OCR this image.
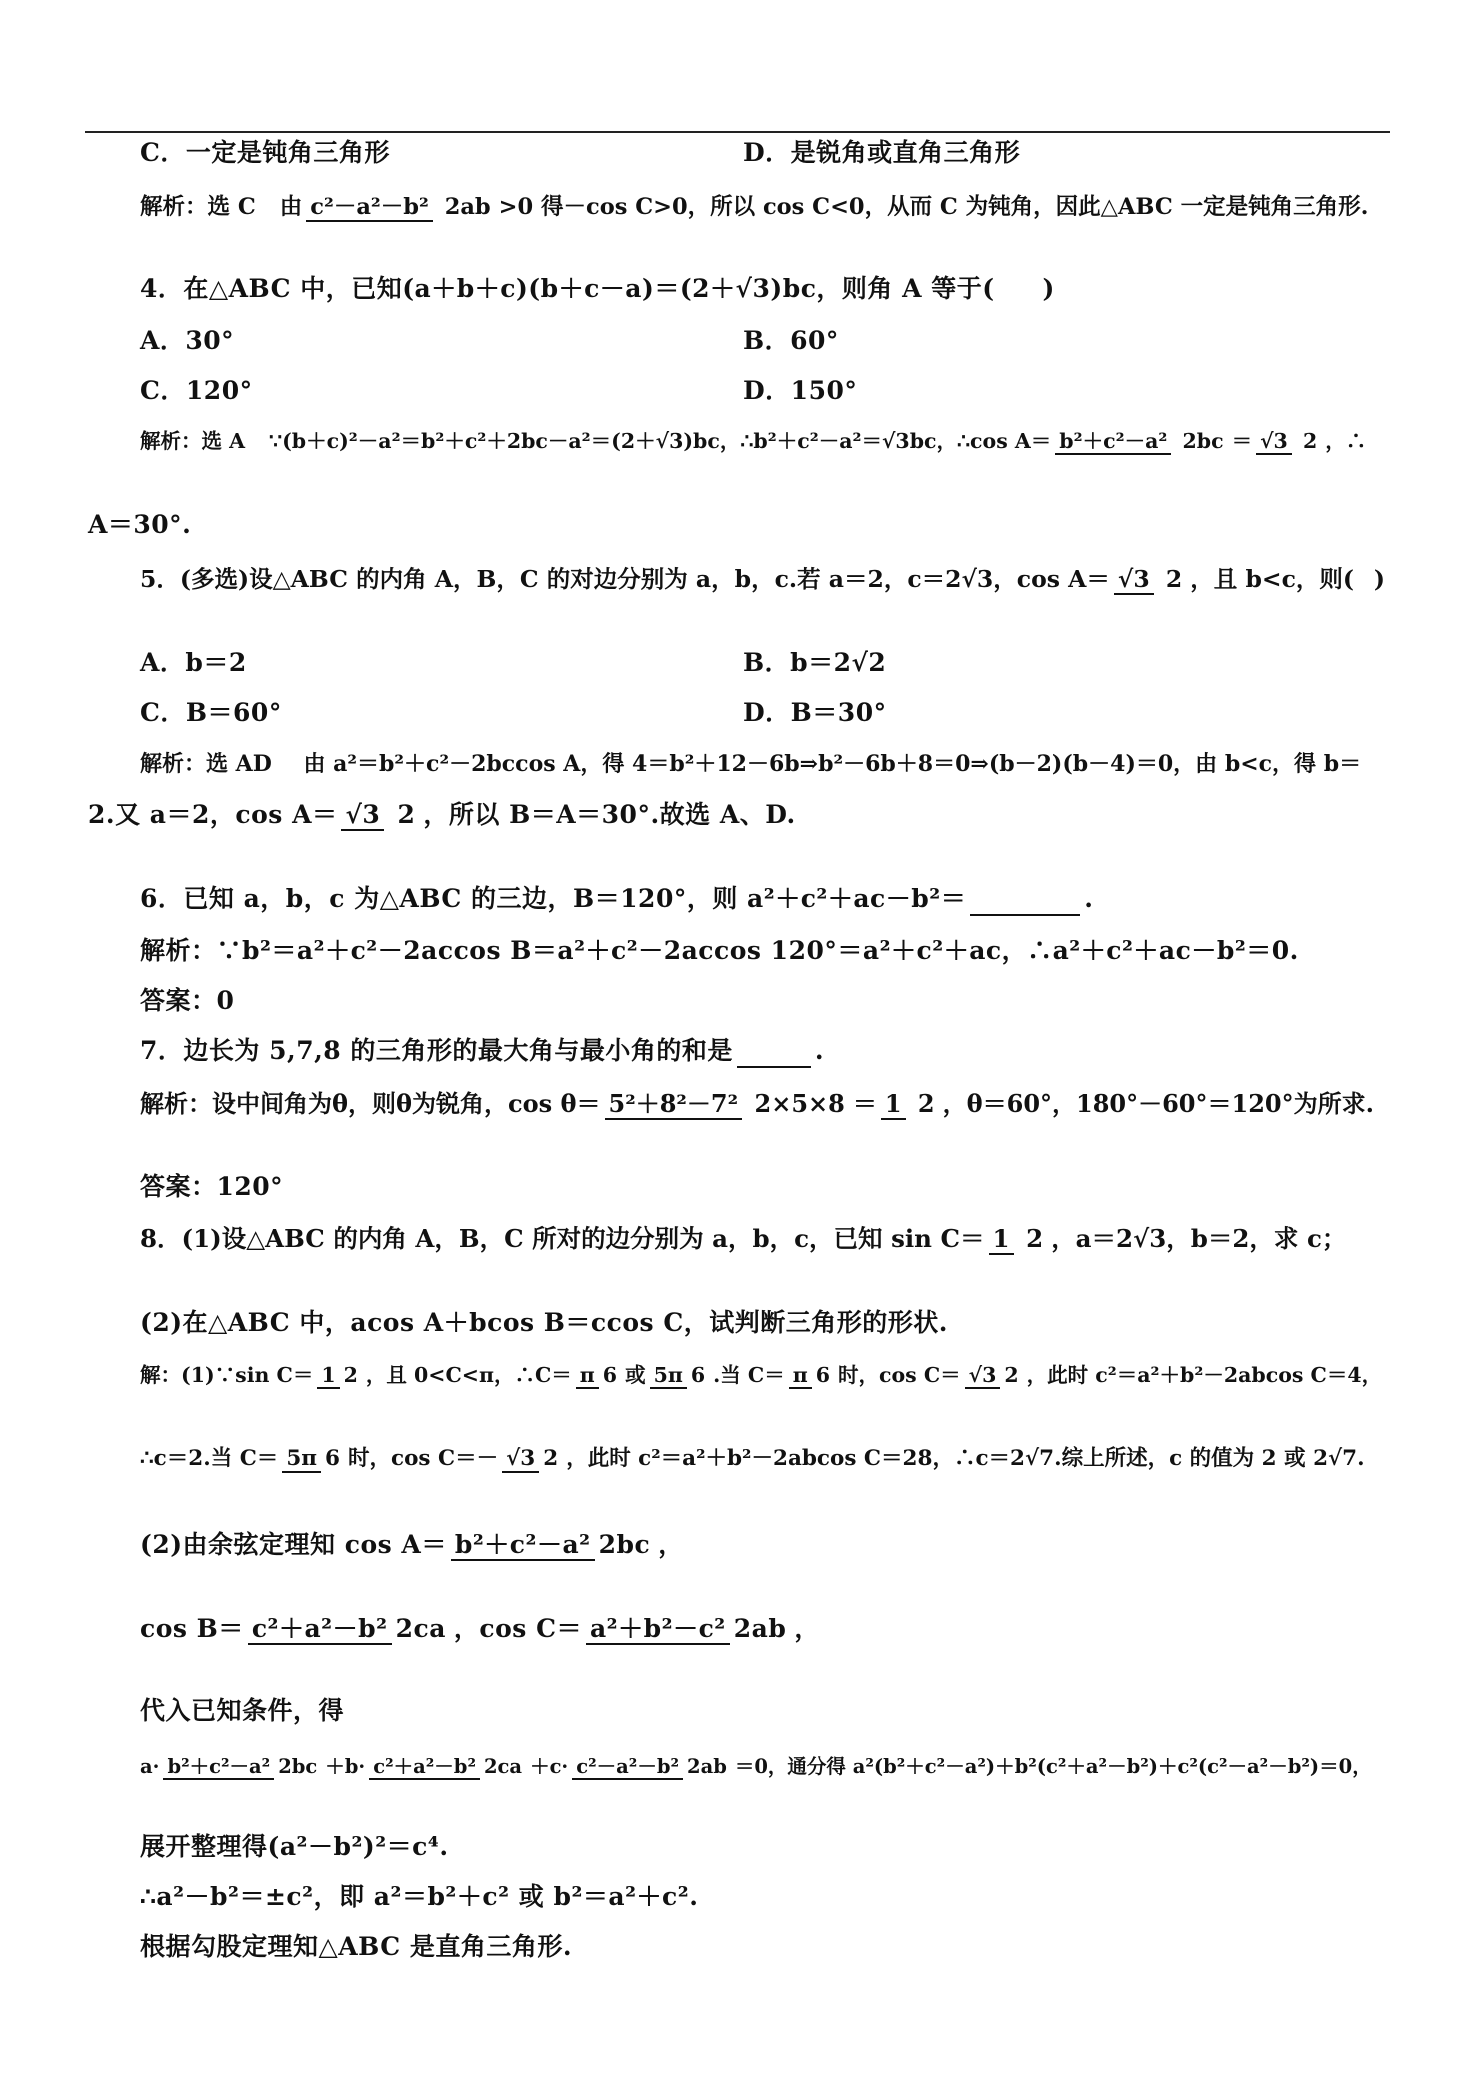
C．一定是钝角三角形	D．是锐角或直角三角形
解析：选 C 由 c²－a²－b² 2ab >0 得－cos C>0，所以 cos C<0，从而 C 为钝角，因此△ABC 一定是钝角三角形.
4．在△ABC 中，已知(a＋b＋c)(b＋c－a)＝(2＋√3)bc，则角 A 等于( )
A．30°	B．60°
C．120°	D．150°
解析：选 A ∵(b＋c)²－a²＝b²＋c²＋2bc－a²＝(2＋√3)bc，∴b²＋c²－a²＝√3bc，∴cos A＝ b²＋c²－a² 2bc ＝ √3 2 ，∴
A＝30°.
5．(多选)设△ABC 的内角 A，B，C 的对边分别为 a，b，c.若 a＝2，c＝2√3，cos A＝ √3 2 ，且 b<c，则( )
A．b＝2	B．b＝2√2
C．B＝60°	D．B＝30°
解析：选 AD 由 a²＝b²＋c²－2bccos A，得 4＝b²＋12－6b⇒b²－6b＋8＝0⇒(b－2)(b－4)＝0，由 b<c，得 b＝
2.又 a＝2，cos A＝ √3 2 ，所以 B＝A＝30°.故选 A、D.
6．已知 a，b，c 为△ABC 的三边，B＝120°，则 a²＋c²＋ac－b²＝	.
解析：∵b²＝a²＋c²－2accos B＝a²＋c²－2accos 120°＝a²＋c²＋ac，∴a²＋c²＋ac－b²＝0.
答案：0
7．边长为 5,7,8 的三角形的最大角与最小角的和是	.
解析：设中间角为θ，则θ为锐角，cos θ＝ 5²＋8²－7² 2×5×8 ＝ 1 2 ，θ＝60°，180°－60°＝120°为所求.
答案：120°
8．(1)设△ABC 的内角 A，B，C 所对的边分别为 a，b，c，已知 sin C＝ 1 2 ，a＝2√3，b＝2，求 c；
(2)在△ABC 中，acos A＋bcos B＝ccos C，试判断三角形的形状.
解：(1)∵sin C＝ 1 2 ，且 0<C<π，∴C＝ π 6 或 5π 6 .当 C＝ π 6 时，cos C＝ √3 2 ，此时 c²＝a²＋b²－2abcos C＝4，
∴c＝2.当 C＝ 5π 6 时，cos C＝－ √3 2 ，此时 c²＝a²＋b²－2abcos C＝28，∴c＝2√7.综上所述，c 的值为 2 或 2√7.
(2)由余弦定理知 cos A＝ b²＋c²－a² 2bc ，
cos B＝ c²＋a²－b² 2ca ，cos C＝ a²＋b²－c² 2ab ，
代入已知条件，得
a· b²＋c²－a² 2bc ＋b· c²＋a²－b² 2ca ＋c· c²－a²－b² 2ab ＝0，通分得 a²(b²＋c²－a²)＋b²(c²＋a²－b²)＋c²(c²－a²－b²)＝0，
展开整理得(a²－b²)²＝c⁴.
∴a²－b²＝±c²，即 a²＝b²＋c² 或 b²＝a²＋c².
根据勾股定理知△ABC 是直角三角形.
